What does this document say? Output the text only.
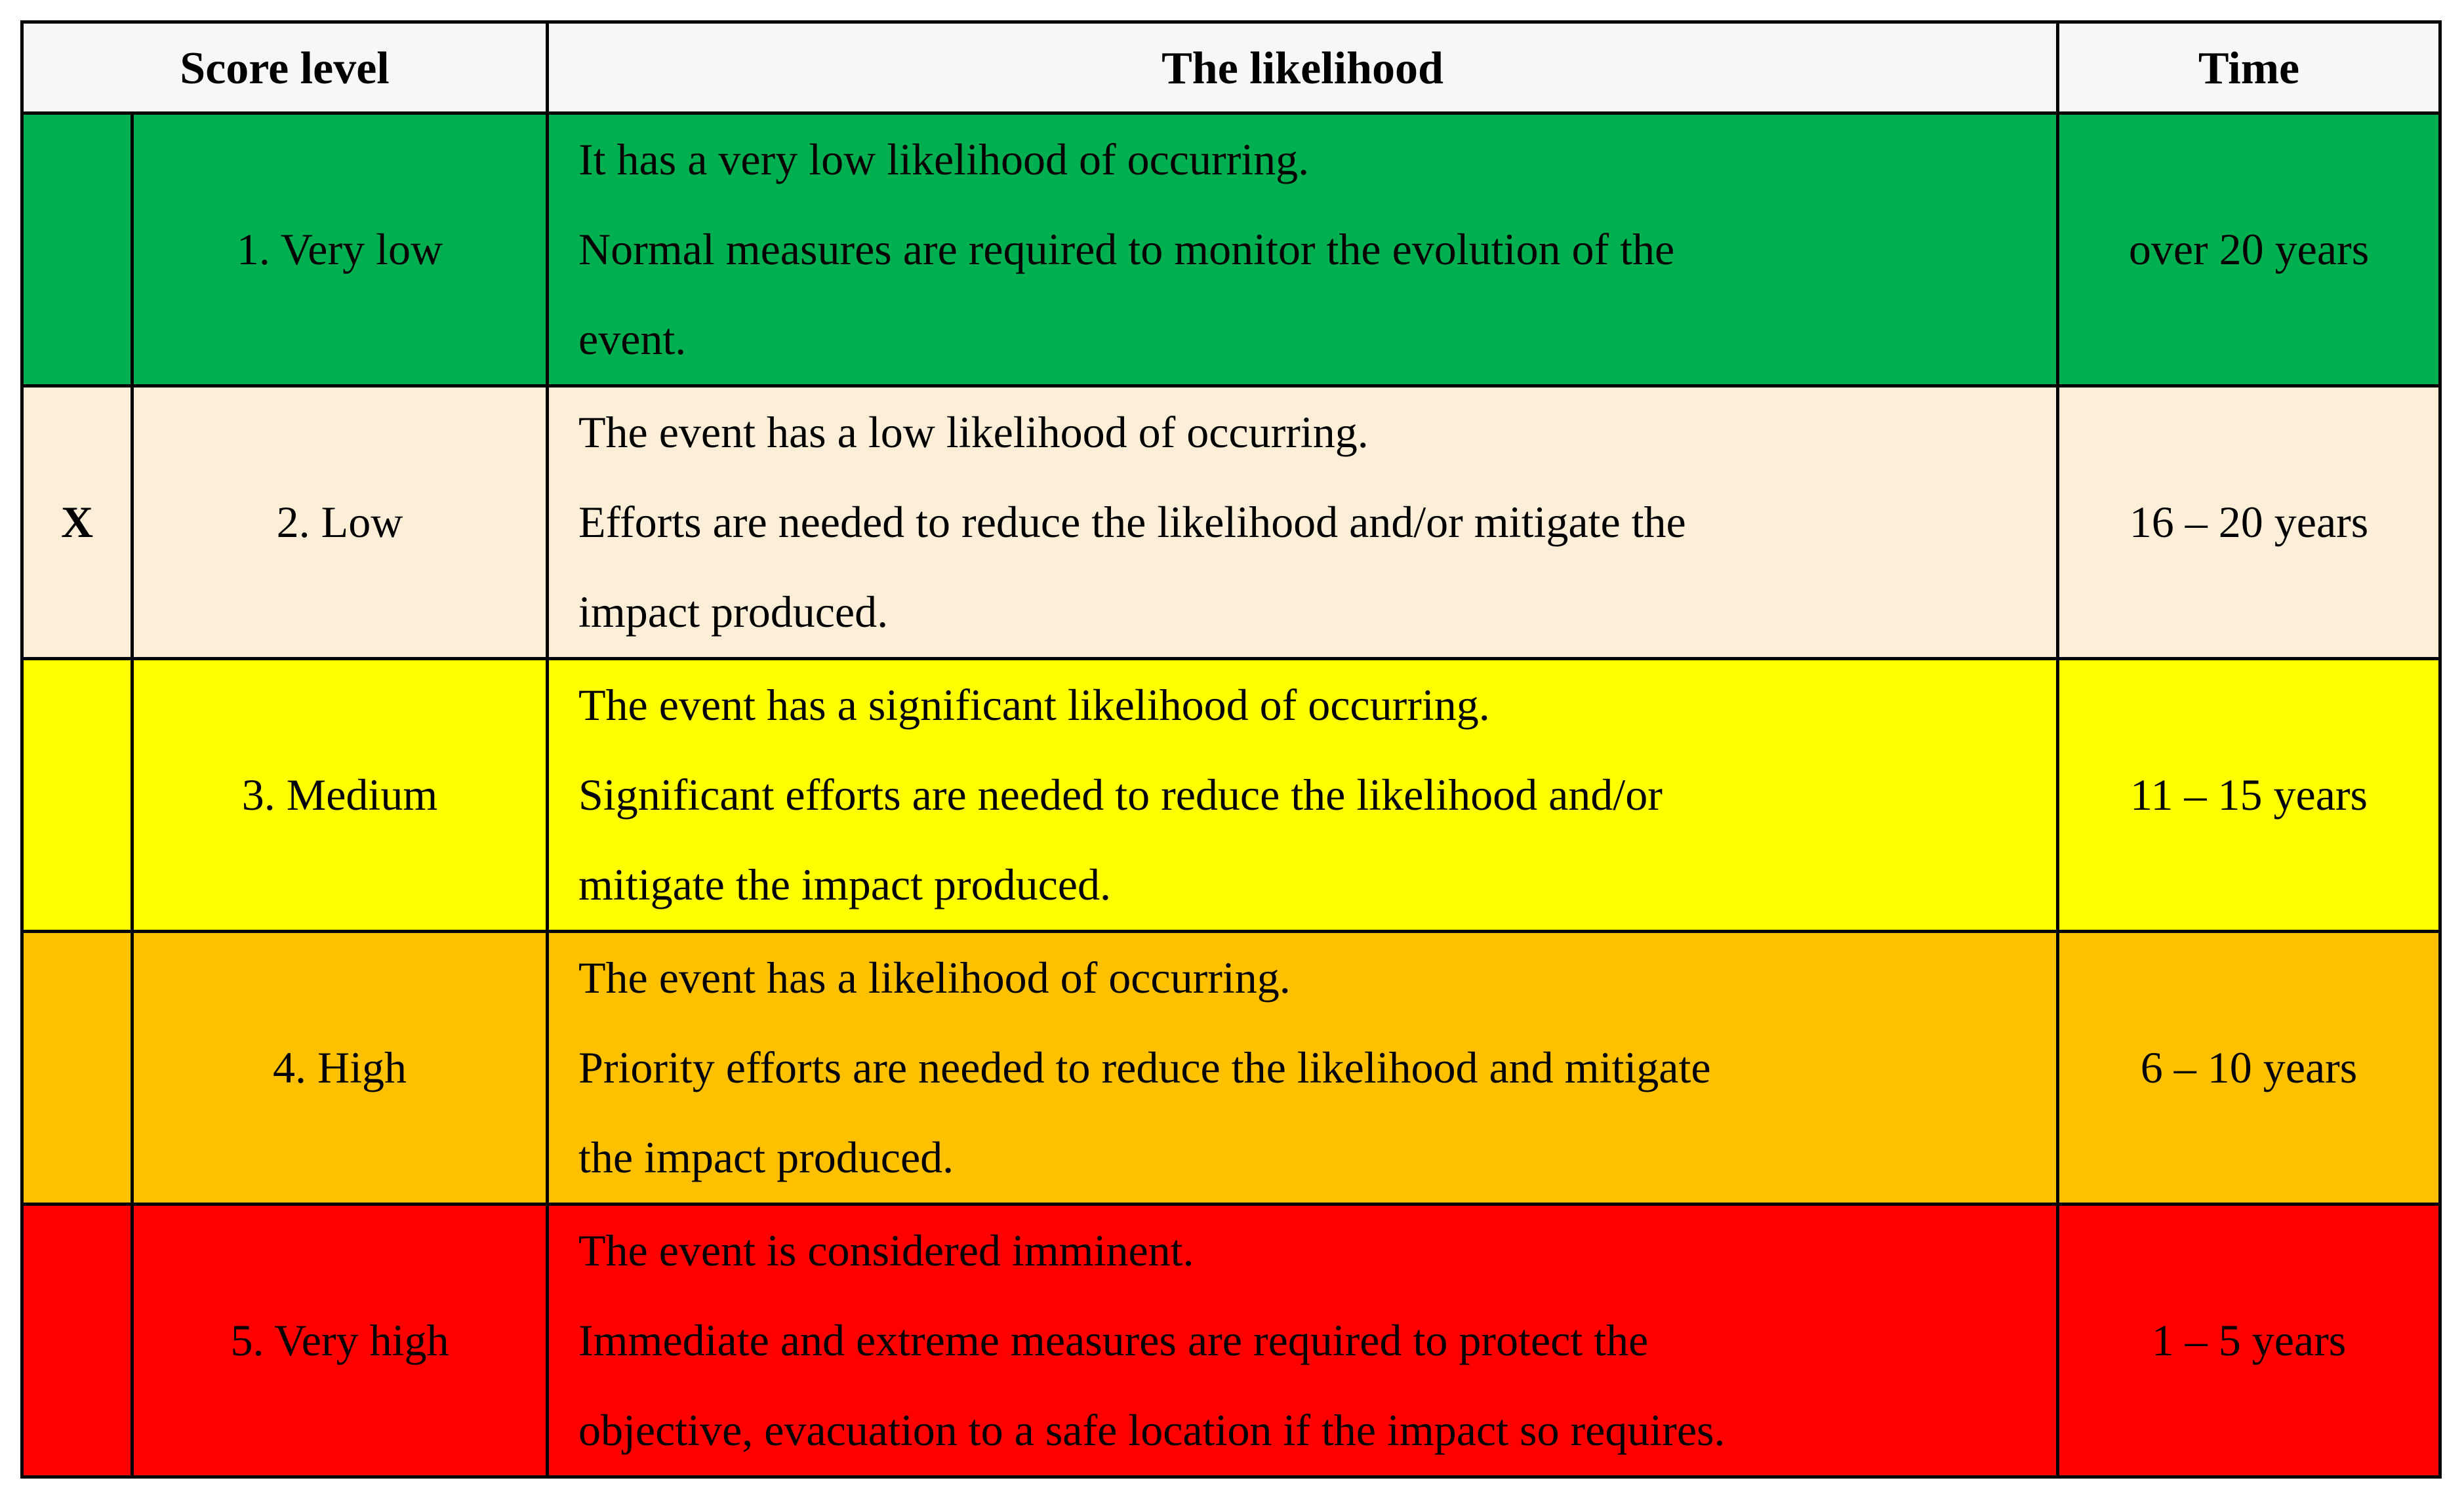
Score level		The likelihood	Time
	1. Very low	It has a very low likelihood of occurring.
Normal measures are required to monitor the evolution of the
event.	over 20 years
X	2. Low	The event has a low likelihood of occurring.
Efforts are needed to reduce the likelihood and/or mitigate the
impact produced.	16 – 20 years
	3. Medium	The event has a significant likelihood of occurring.
Significant efforts are needed to reduce the likelihood and/or
mitigate the impact produced.	11 – 15 years
	4. High	The event has a likelihood of occurring.
Priority efforts are needed to reduce the likelihood and mitigate
the impact produced.	6 – 10 years
	5. Very high	The event is considered imminent.
Immediate and extreme measures are required to protect the
objective, evacuation to a safe location if the impact so requires.	1 – 5 years
